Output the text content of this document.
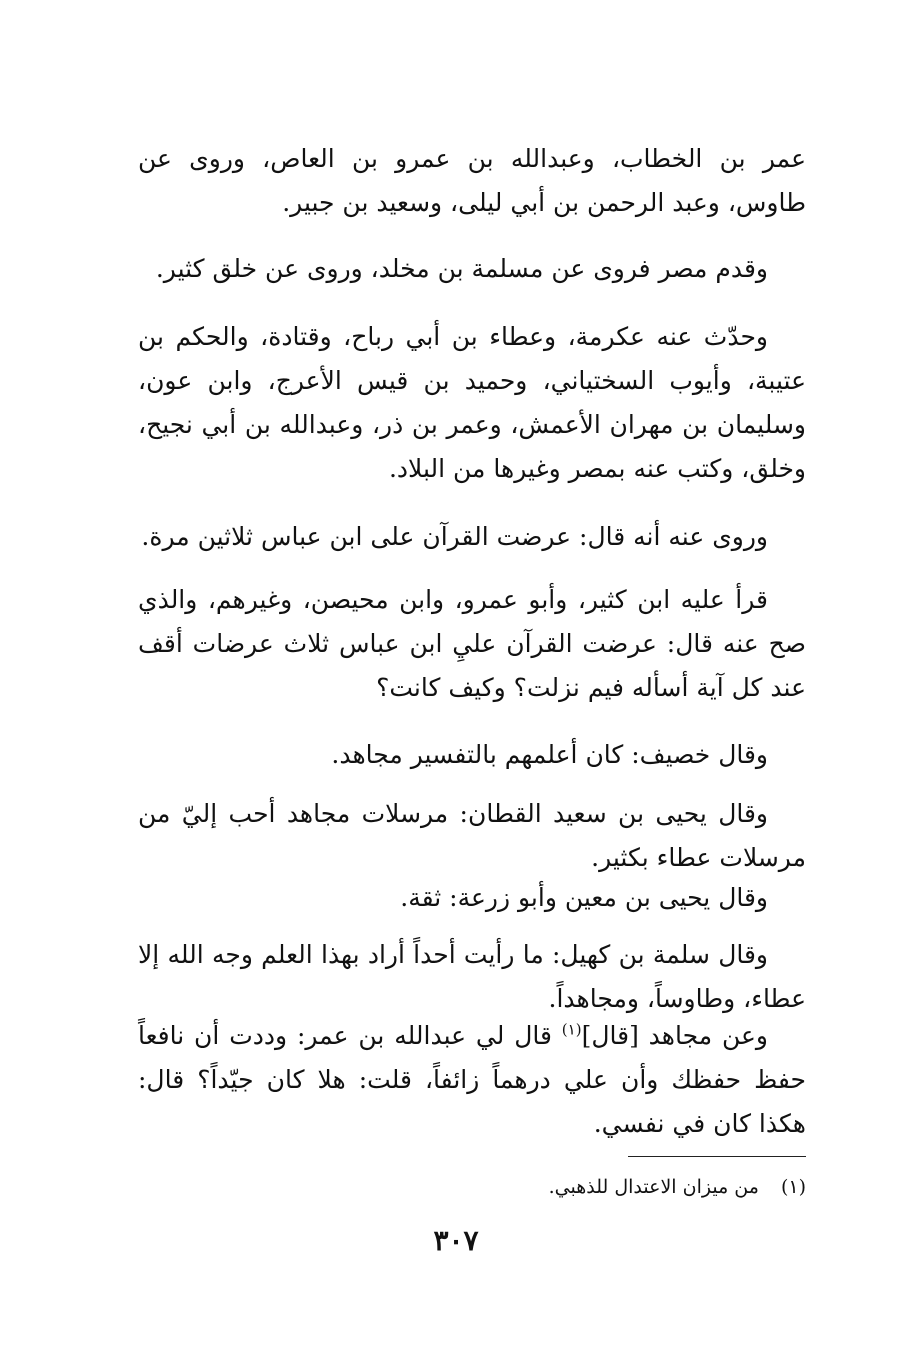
عمر بن الخطاب، وعبدالله بن عمرو بن العاص، وروى عن طاوس، وعبد الرحمن بن أبي ليلى، وسعيد بن جبير.

وقدم مصر فروى عن مسلمة بن مخلد، وروى عن خلق كثير.

وحدّث عنه عكرمة، وعطاء بن أبي رباح، وقتادة، والحكم بن عتيبة، وأيوب السختياني، وحميد بن قيس الأعرج، وابن عون، وسليمان بن مهران الأعمش، وعمر بن ذر، وعبدالله بن أبي نجيح، وخلق، وكتب عنه بمصر وغيرها من البلاد.

وروى عنه أنه قال: عرضت القرآن على ابن عباس ثلاثين مرة.

قرأ عليه ابن كثير، وأبو عمرو، وابن محيصن، وغيرهم، والذي صح عنه قال: عرضت القرآن عليِ ابن عباس ثلاث عرضات أقف عند كل آية أسأله فيم نزلت؟ وكيف كانت؟

وقال خصيف: كان أعلمهم بالتفسير مجاهد.

وقال يحيى بن سعيد القطان: مرسلات مجاهد أحب إليّ من مرسلات عطاء بكثير.

وقال يحيى بن معين وأبو زرعة: ثقة.

وقال سلمة بن كهيل: ما رأيت أحداً أراد بهذا العلم وجه الله إلا عطاء، وطاوساً، ومجاهداً.

وعن مجاهد [قال]$^{(١)}$ قال لي عبدالله بن عمر: وددت أن نافعاً حفظ حفظك وأن علي درهماً زائفاً، قلت: هلا كان جيّداً؟ قال: هكذا كان في نفسي.

(١)من ميزان الاعتدال للذهبي.

٣٠٧
